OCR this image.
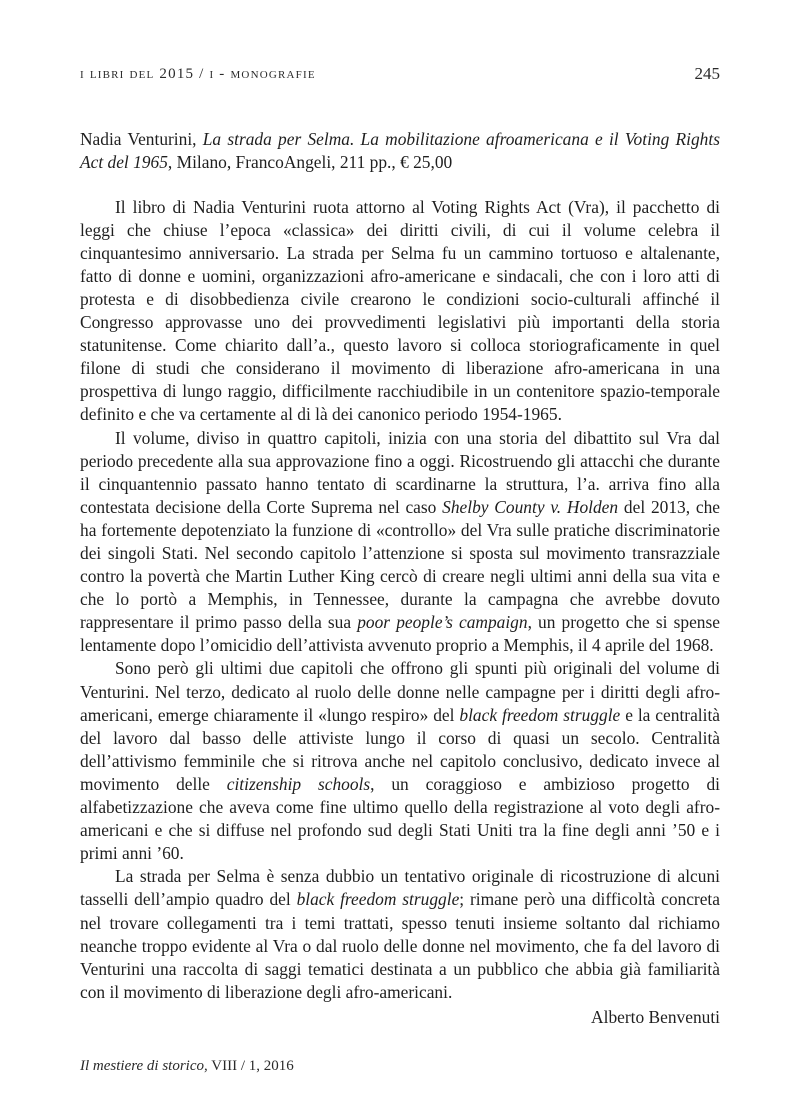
i libri del 2015 / i - monografie	245

Nadia Venturini, La strada per Selma. La mobilitazione afroamericana e il Voting Rights Act del 1965, Milano, FrancoAngeli, 211 pp., € 25,00

Il libro di Nadia Venturini ruota attorno al Voting Rights Act (Vra), il pacchetto di leggi che chiuse l’epoca «classica» dei diritti civili, di cui il volume celebra il cinquantesimo anniversario. La strada per Selma fu un cammino tortuoso e altalenante, fatto di donne e uomini, organizzazioni afro-americane e sindacali, che con i loro atti di protesta e di disobbedienza civile crearono le condizioni socio-culturali affinché il Congresso approvasse uno dei provvedimenti legislativi più importanti della storia statunitense. Come chiarito dall’a., questo lavoro si colloca storiograficamente in quel filone di studi che considerano il movimento di liberazione afro-americana in una prospettiva di lungo raggio, difficilmente racchiudibile in un contenitore spazio-temporale definito e che va certamente al di là dei canonico periodo 1954-1965.

Il volume, diviso in quattro capitoli, inizia con una storia del dibattito sul Vra dal periodo precedente alla sua approvazione fino a oggi. Ricostruendo gli attacchi che durante il cinquantennio passato hanno tentato di scardinarne la struttura, l’a. arriva fino alla contestata decisione della Corte Suprema nel caso Shelby County v. Holden del 2013, che ha fortemente depotenziato la funzione di «controllo» del Vra sulle pratiche discriminatorie dei singoli Stati. Nel secondo capitolo l’attenzione si sposta sul movimento transrazziale contro la povertà che Martin Luther King cercò di creare negli ultimi anni della sua vita e che lo portò a Memphis, in Tennessee, durante la campagna che avrebbe dovuto rappresentare il primo passo della sua poor people’s campaign, un progetto che si spense lentamente dopo l’omicidio dell’attivista avvenuto proprio a Memphis, il 4 aprile del 1968.

Sono però gli ultimi due capitoli che offrono gli spunti più originali del volume di Venturini. Nel terzo, dedicato al ruolo delle donne nelle campagne per i diritti degli afro-americani, emerge chiaramente il «lungo respiro» del black freedom struggle e la centralità del lavoro dal basso delle attiviste lungo il corso di quasi un secolo. Centralità dell’attivismo femminile che si ritrova anche nel capitolo conclusivo, dedicato invece al movimento delle citizenship schools, un coraggioso e ambizioso progetto di alfabetizzazione che aveva come fine ultimo quello della registrazione al voto degli afro-americani e che si diffuse nel profondo sud degli Stati Uniti tra la fine degli anni ’50 e i primi anni ’60.

La strada per Selma è senza dubbio un tentativo originale di ricostruzione di alcuni tasselli dell’ampio quadro del black freedom struggle; rimane però una difficoltà concreta nel trovare collegamenti tra i temi trattati, spesso tenuti insieme soltanto dal richiamo neanche troppo evidente al Vra o dal ruolo delle donne nel movimento, che fa del lavoro di Venturini una raccolta di saggi tematici destinata a un pubblico che abbia già familiarità con il movimento di liberazione degli afro-americani.

Alberto Benvenuti
Il mestiere di storico, VIII / 1, 2016
